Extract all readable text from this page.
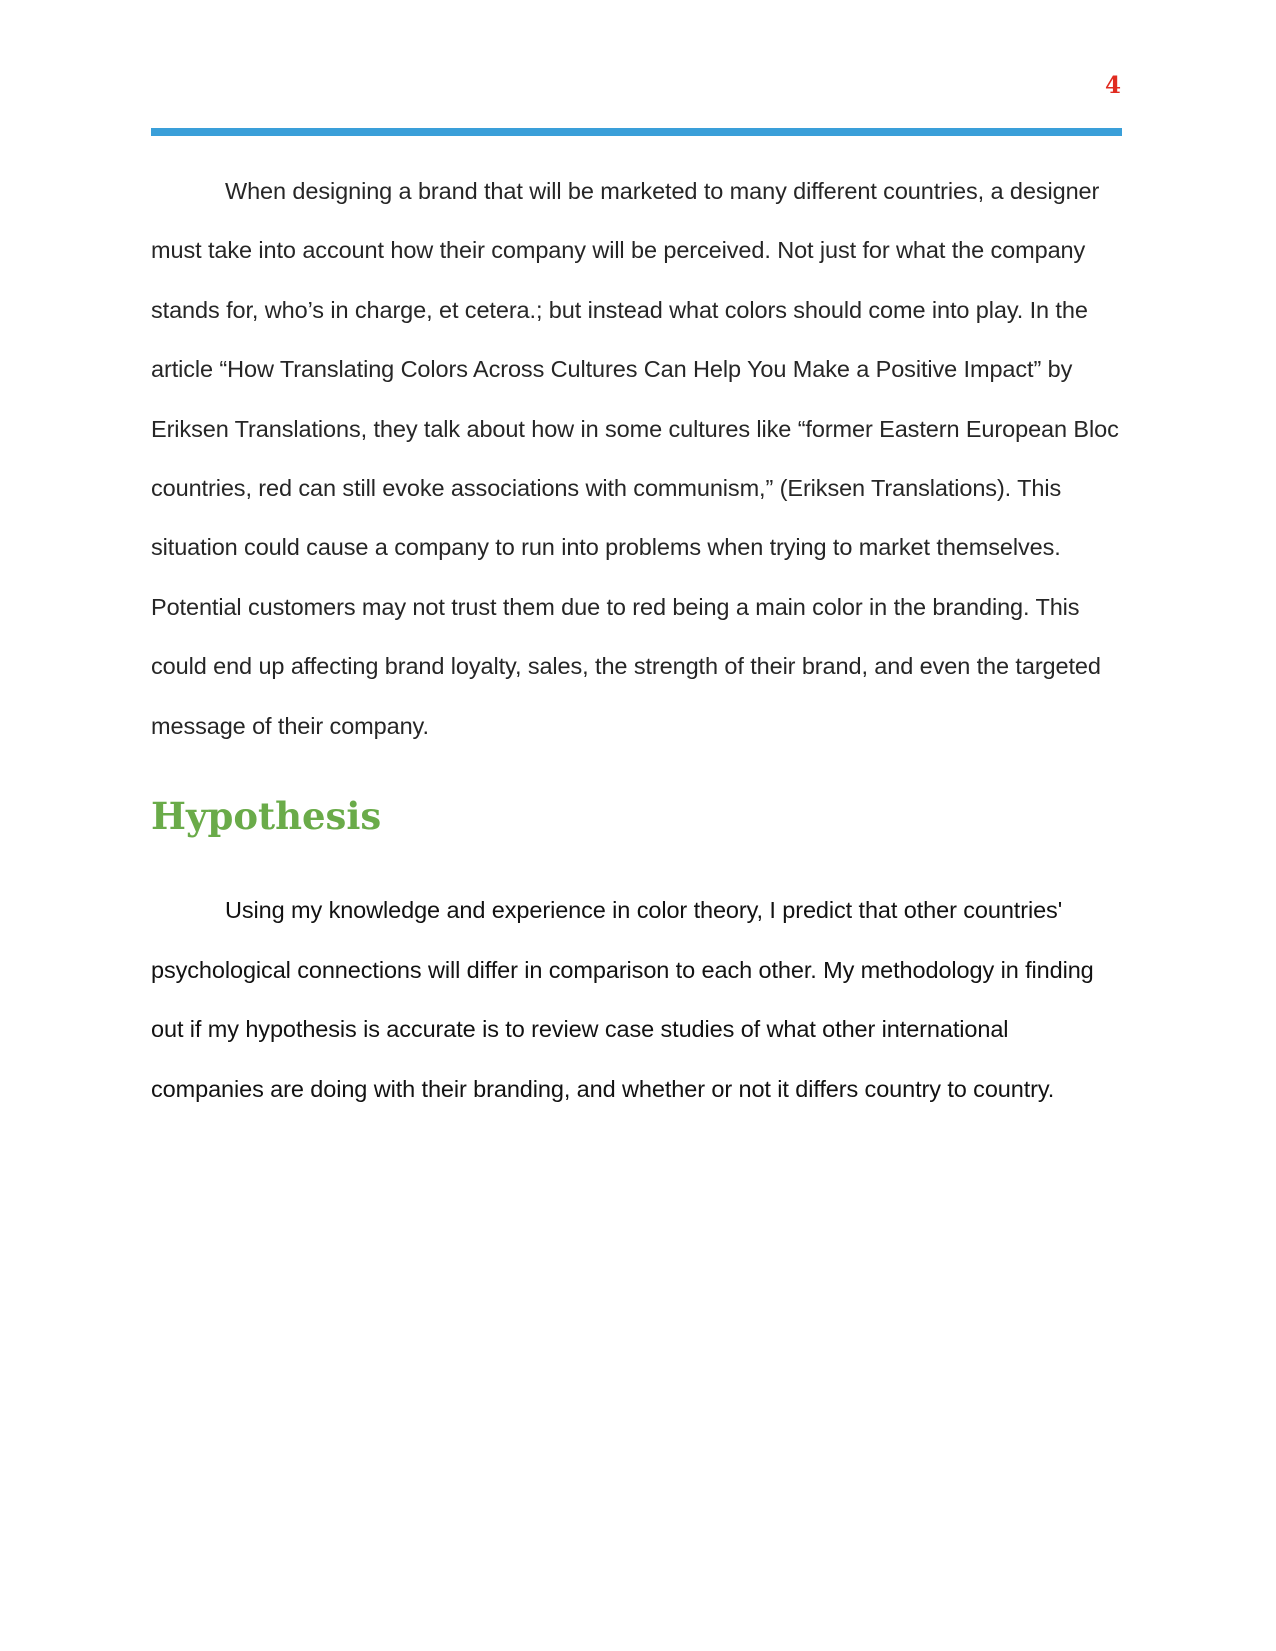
4

When designing a brand that will be marketed to many different countries, a designer must take into account how their company will be perceived. Not just for what the company stands for, who’s in charge, et cetera.; but instead what colors should come into play. In the article “How Translating Colors Across Cultures Can Help You Make a Positive Impact” by Eriksen Translations, they talk about how in some cultures like “former Eastern European Bloc countries, red can still evoke associations with communism,” (Eriksen Translations). This situation could cause a company to run into problems when trying to market themselves. Potential customers may not trust them due to red being a main color in the branding. This could end up affecting brand loyalty, sales, the strength of their brand, and even the targeted message of their company.

Hypothesis

Using my knowledge and experience in color theory, I predict that other countries' psychological connections will differ in comparison to each other. My methodology in finding out if my hypothesis is accurate is to review case studies of what other international companies are doing with their branding, and whether or not it differs country to country.
